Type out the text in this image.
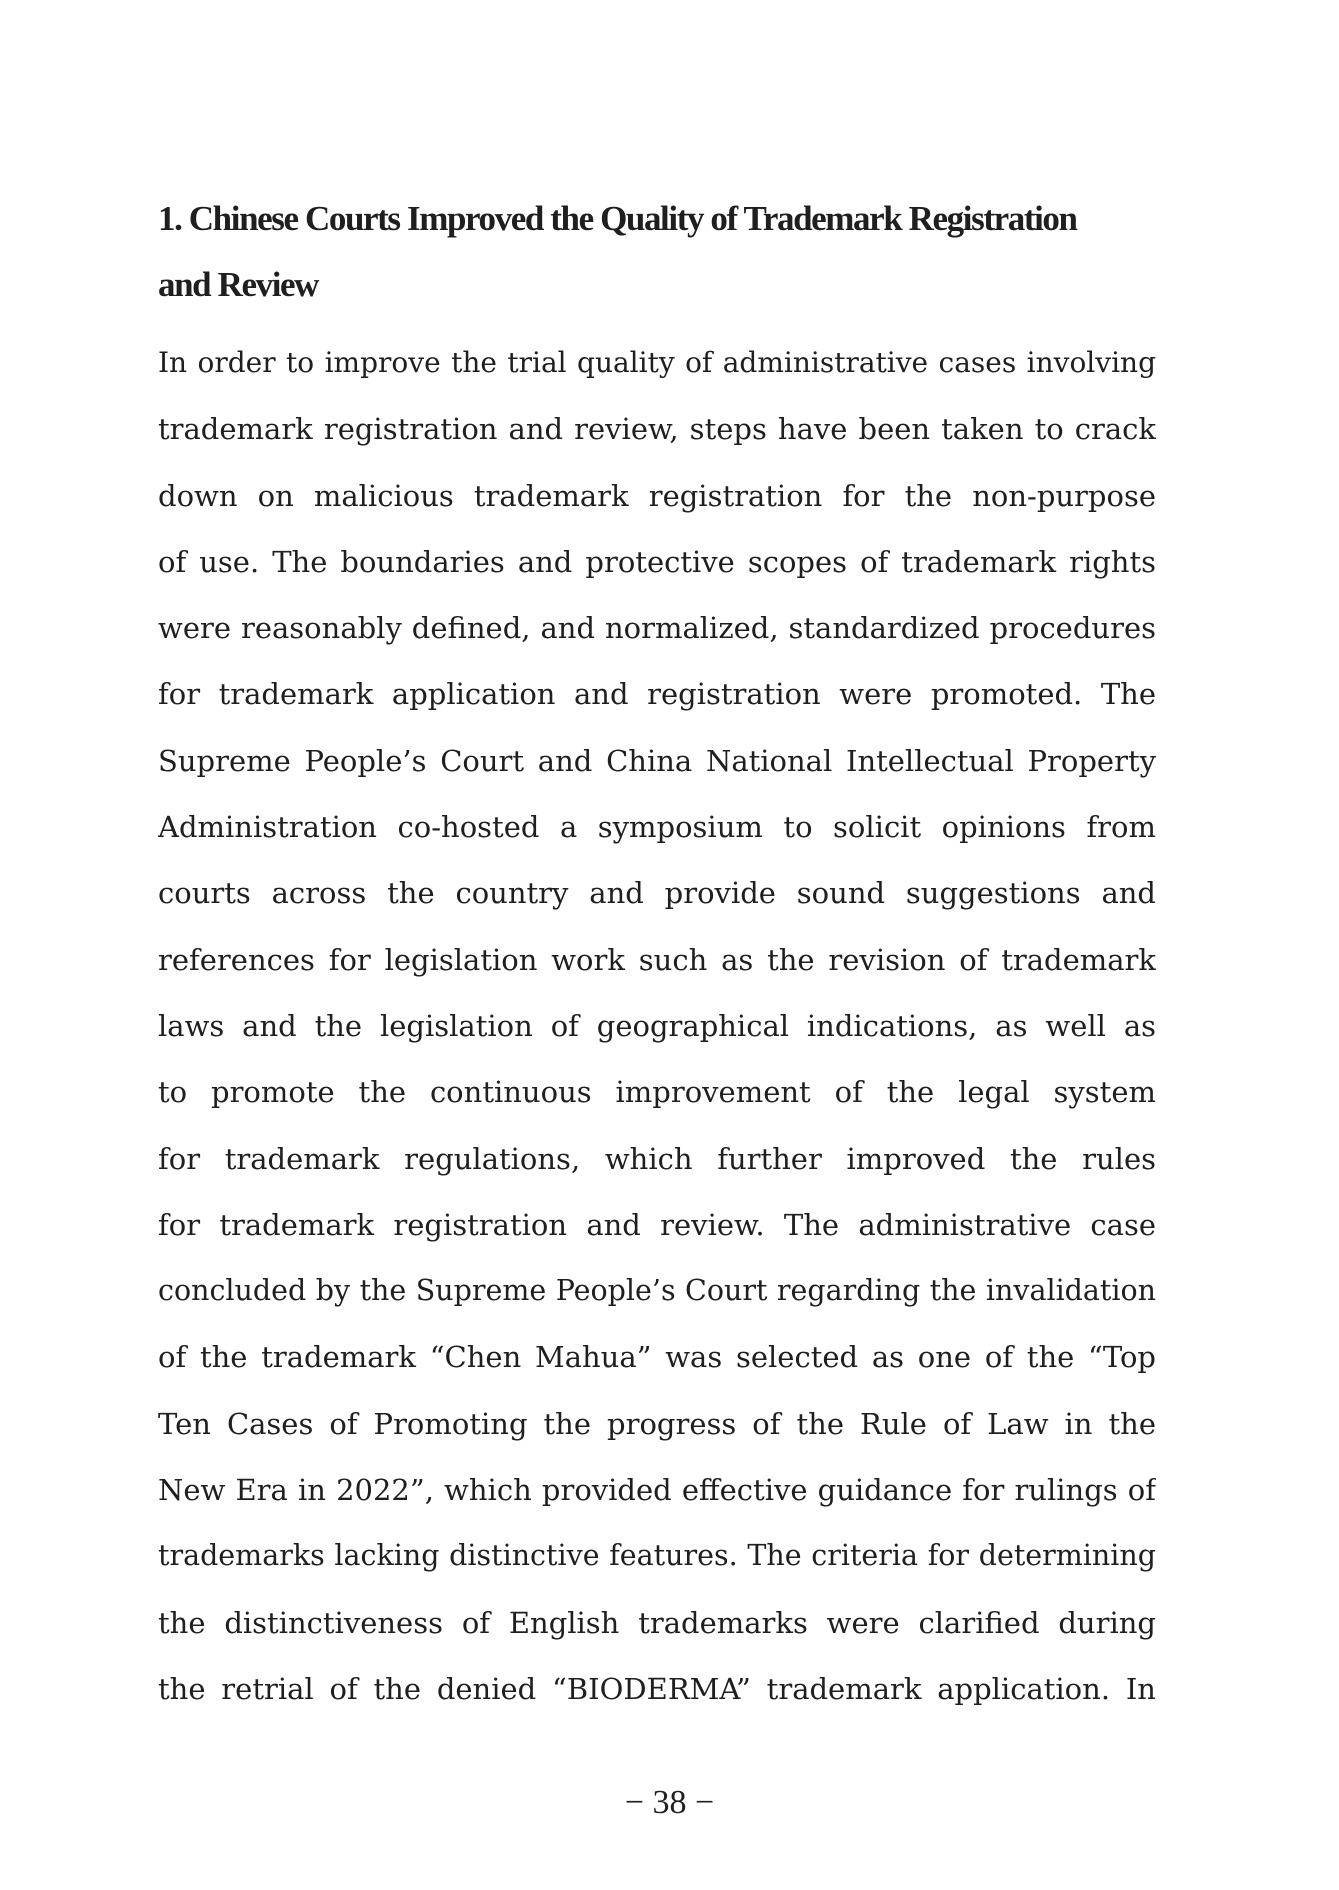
1. Chinese Courts Improved the Quality of Trademark Registration
and Review
In order to improve the trial quality of administrative cases involving
trademark registration and review, steps have been taken to crack
down on malicious trademark registration for the non-purpose
of use. The boundaries and protective scopes of trademark rights
were reasonably defined, and normalized, standardized procedures
for trademark application and registration were promoted. The
Supreme People’s Court and China National Intellectual Property
Administration co-hosted a symposium to solicit opinions from
courts across the country and provide sound suggestions and
references for legislation work such as the revision of trademark
laws and the legislation of geographical indications, as well as
to promote the continuous improvement of the legal system
for trademark regulations, which further improved the rules
for trademark registration and review. The administrative case
concluded by the Supreme People’s Court regarding the invalidation
of the trademark “Chen Mahua” was selected as one of the “Top
Ten Cases of Promoting the progress of the Rule of Law in the
New Era in 2022”, which provided effective guidance for rulings of
trademarks lacking distinctive features. The criteria for determining
the distinctiveness of English trademarks were clarified during
the retrial of the denied “BIODERMA” trademark application. In
− 38 −
